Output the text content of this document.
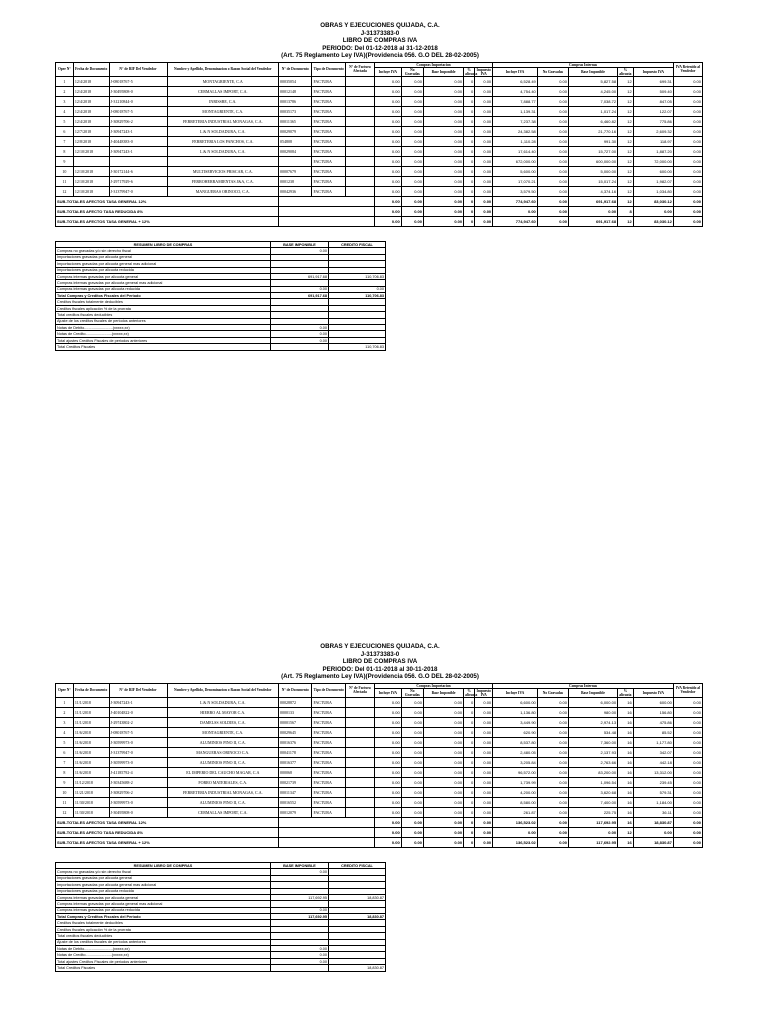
OBRAS Y EJECUCIONES QUIJADA, C.A.
J-31373383-0
LIBRO DE COMPRAS IVA
PERIODO: Del 01-12-2018 al 31-12-2018
(Art. 75 Reglamento Ley IVA)(Providencia 056. G.O DEL 28-02-2005)
Oper N°	Fecha de Documento	N° de RIF Del Vendedor	Nombre y Apellido, Denominacion o Razon Social del Vendedor	N° de Documento	Tipo de Documento	N° de Factura Afectada	Compras Importacion					Compras Internas					IVA Retenido al Vendedor
							Incluye IVA	No Gravadas	Base Imponible	% alicuota	Impuesto IVA	Incluye IVA	No Gravadas	Base Imponible	% alicuota	Impuesto IVA	
1	12/4/2018	J-08018767-5	MONTAGRIENTE, C.A	00035054	FACTURA		0.00	0.00	0.00	0	0.00	6,528.49	0.00	5,827.58	12	699.31	0.00
2	12/4/2018	J-30495808-0	CERMALLAS IMPORT, C.A.	00012148	FACTURA		0.00	0.00	0.00	0	0.00	4,754.40	0.00	4,245.00	12	509.40	0.00
3	12/4/2018	J-31210844-0	INRISSRE, C.A.	00013786	FACTURA		0.00	0.00	0.00	0	0.00	7,888.77	0.00	7,038.72	12	847.05	0.00
4	12/4/2018	J-08018767-5	MONTAGRIENTE, C.A.	00035173	FACTURA		0.00	0.00	0.00	0	0.00	1,139.31	0.00	1,017.24	12	122.07	0.00
5	12/4/2018	J-30829706-2	FERRETERIA INDUSTRIAL MONAGAS, C.A.	00011365	FACTURA		0.00	0.00	0.00	0	0.00	7,237.38	0.00	6,460.82	12	775.86	0.00
6	12/7/2018	J-30947243-1	L & N SOLDADURA, C.A.	00029079	FACTURA		0.00	0.00	0.00	0	0.00	24,382.58	0.00	21,770.16	12	2,609.32	0.00
7	12/8/2018	J-40448383-0	FERRETERIA LOS PANCHOS, C.A.	054808	FACTURA		0.00	0.00	0.00	0	0.00	1,110.28	0.00	991.30	12	118.97	0.00
8	12/10/2018	J-30947243-1	L & N SOLDADURA, C.A.	00029084	FACTURA		0.00	0.00	0.00	0	0.00	17,614.40	0.00	15,727.00	12	1,887.20	0.00
9					FACTURA		0.00	0.00	0.00	0	0.00	672,000.00	0.00	600,000.00	12	72,000.00	0.00
10	12/10/2018	J-30172144-6	MULTISERVICIOS PRISCAR, C.A.	00007679	FACTURA		0.00	0.00	0.00	0	0.00	5,600.00	0.00	5,000.00	12	600.00	0.00
11	12/10/2018	J-29717929-6	FERROHERRAMIENTAS J&A, C.A.	0001238	FACTURA		0.00	0.00	0.00	0	0.00	17,070.21	0.00	15,017.24	12	1,982.07	0.00
12	12/10/2018	J-31379947-0	MANGUERAS ORINOCO, C.A.	00042936	FACTURA		0.00	0.00	0.00	0	0.00	3,579.50	0.00	4,374.16	12	1,034.80	0.00
SUB-TOTALES AFECTOS TASA GENERAL 12%							0.00	0.00	0.00	0	0.00	774,947.60	0.00	691,917.68	12	83,030.12	0.00
SUB-TOTALES AFECTO TASA REDUCIDA 8%							0.00	0.00	0.00	0	0.00	0.00	0.00	0.00	8	0.00	0.00
SUB-TOTALES AFECTOS TASA GENERAL + 12%							0.00	0.00	0.00	0	0.00	774,947.60	0.00	691,917.68	12	83,030.12	0.00
RESUMEN LIBRO DE COMPRAS	BASE IMPONIBLE	CREDITO FISCAL
Compras no gravadas y/o sin derecho fiscal	0.00	
Importaciones gravadas por alicuota general		
Importaciones gravadas por alicuota general mas adicional		
Importaciones gravadas por alicuota reducida		
Compras internas gravadas por alicuota general	691,917.68	110,706.83
Compras internas gravadas por alicuota general mas adicional		
Compras internas gravadas por alicuota reducida	0.00	0.00
Total Compras y Creditos Fiscales del Periodo	691,917.68	110,706.83
Creditos fiscales totalmente deducibles		
Creditos fiscales aplicación % de la prorrata		
Total creditos fiscales deducibles		
Ajuste de los creditos fiscales de periodos anteriores		
Notas de Debito...........................(xxxxx,xx)	0.00	
Notas de Credito.........................(xxxxx,xx)	0.00	
Total ajustes Creditos Fiscales de periodos anteriores	0.00	
Total Creditos Fiscales		110,706.83
OBRAS Y EJECUCIONES QUIJADA, C.A.
J-31373383-0
LIBRO DE COMPRAS IVA
PERIODO: Del 01-11-2018 al 30-11-2018
(Art. 75 Reglamento Ley IVA)(Providencia 056. G.O DEL 28-02-2005)
Oper N°	Fecha de Documento	N° de RIF Del Vendedor	Nombre y Apellido, Denominacion o Razon Social del Vendedor	N° de Documento	Tipo de Documento	N° de Factura Afectada	Compras Importacion					Compras Internas					IVA Retenido al Vendedor
							Incluye IVA	No Gravadas	Base Imponible	% alicuota	Impuesto IVA	Incluye IVA	No Gravadas	Base Imponible	% alicuota	Impuesto IVA	
1	11/1/2018	J-30947243-1	L & N SOLDADURA, C.A.	00028872	FACTURA		0.00	0.00	0.00	0	0.00	6,600.00	0.00	6,000.00	16	600.00	0.00
2	11/1/2018	J-40104822-0	HIERRO AL MAYOR C.A.	0000133	FACTURA		0.00	0.00	0.00	0	0.00	1,136.80	0.00	980.00	16	156.80	0.00
3	11/1/2018	J-29743802-2	DAMELSS SOLDIES, C.A.	00001567	FACTURA		0.00	0.00	0.00	0	0.00	3,449.90	0.00	2,974.13	16	475.86	0.00
4	11/6/2018	J-08018767-5	MONTAGRIENTE, C.A.	00029645	FACTURA		0.00	0.00	0.00	0	0.00	620.90	0.00	534.48	16	85.52	0.00
5	11/6/2018	J-30599973-0	ALUMINIOS PINO II, C.A.	00016376	FACTURA		0.00	0.00	0.00	0	0.00	8,537.80	0.00	7,360.00	16	1,177.80	0.00
6	11/6/2018	J-31379947-0	MANGUERAS ORINOCO C.A.	00041178	FACTURA		0.00	0.00	0.00	0	0.00	2,480.05	0.00	2,137.93	16	342.07	0.00
7	11/6/2018	J-30599973-0	ALUMINIOS PINO II, C.A.	00016377	FACTURA		0.00	0.00	0.00	0	0.00	3,205.84	0.00	2,763.66	16	442.18	0.00
8	11/6/2018	J-41185792-4	EL IMPERIO DEL CAUCHO MAGAR, C.A	000068	FACTURA		0.00	0.00	0.00	0	0.00	96,572.00	0.00	83,200.00	16	13,312.00	0.00
9	11/12/2018	J-30345688-2	FORRO MATERIALES, C.A.	00021739	FACTURA		0.00	0.00	0.00	0	0.00	1,739.99	0.00	1,096.54	16	239.45	0.00
10	11/21/2018	J-30829706-2	FERRETERIA INDUSTRIAL MONAGAS, C.A.	00011347	FACTURA		0.00	0.00	0.00	0	0.00	4,200.00	0.00	3,620.68	16	579.31	0.00
11	11/30/2018	J-30599973-0	ALUMINIOS PINO II, C.A.	00016552	FACTURA		0.00	0.00	0.00	0	0.00	8,580.00	0.00	7,400.00	16	1,184.00	0.00
12	11/30/2018	J-30495808-0	CERMALLAS IMPORT, C.A.	00012079	FACTURA		0.00	0.00	0.00	0	0.00	261.87	0.00	225.75	16	36.11	0.00
SUB-TOTALES AFECTOS TASA GENERAL 12%							0.00	0.00	0.00	0	0.00	136,523.02	0.00	117,692.95	16	18,830.87	0.00
SUB-TOTALES AFECTO TASA REDUCIDA 8%							0.00	0.00	0.00	0	0.00	0.00	0.00	0.00	12	0.00	0.00
SUB-TOTALES AFECTOS TASA GENERAL + 12%							0.00	0.00	0.00	0	0.00	136,523.02	0.00	117,692.95	16	18,830.87	0.00
RESUMEN LIBRO DE COMPRAS	BASE IMPONIBLE	CREDITO FISCAL
Compras no gravadas y/o sin derecho fiscal	0.00	
Importaciones gravadas por alicuota general		
Importaciones gravadas por alicuota general mas adicional		
Importaciones gravadas por alicuota reducida		
Compras internas gravadas por alicuota general	117,692.95	18,830.87
Compras internas gravadas por alicuota general mas adicional		
Compras internas gravadas por alicuota reducida	0.00	
Total Compras y Creditos Fiscales del Periodo	117,692.95	18,830.87
Creditos fiscales totalmente deducibles		
Creditos fiscales aplicación % de la prorrata		
Total creditos fiscales deducibles		
Ajuste de los creditos fiscales de periodos anteriores		
Notas de Debito...........................(xxxxx,xx)	0.00	
Notas de Credito.........................(xxxxx,xx)	0.00	
Total ajustes Creditos Fiscales de periodos anteriores	0.00	
Total Creditos Fiscales		18,830.87
